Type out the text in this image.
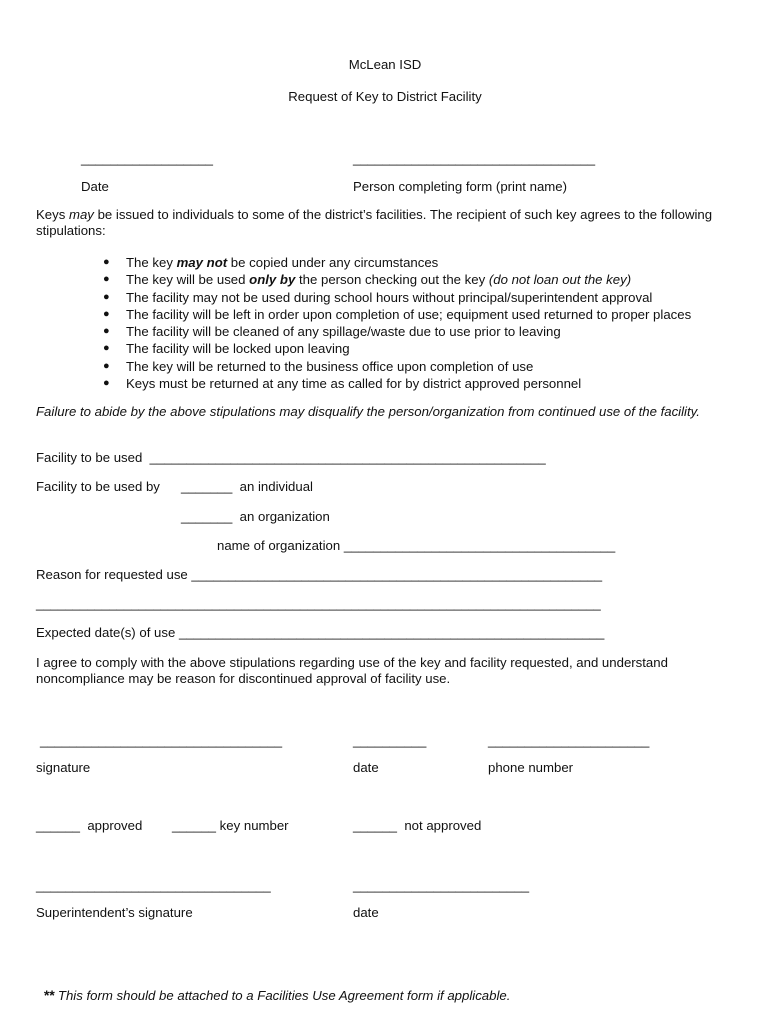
McLean ISD
Request of Key to District Facility
__________________	_________________________________
Date	Person completing form (print name)
Keys may be issued to individuals to some of the district’s facilities. The recipient of such key agrees to the following stipulations:
● The key may not be copied under any circumstances
● The key will be used only by the person checking out the key (do not loan out the key)
● The facility may not be used during school hours without principal/superintendent approval
● The facility will be left in order upon completion of use; equipment used returned to proper places
● The facility will be cleaned of any spillage/waste due to use prior to leaving
● The facility will be locked upon leaving
● The key will be returned to the business office upon completion of use
● Keys must be returned at any time as called for by district approved personnel
Failure to abide by the above stipulations may disqualify the person/organization from continued use of the facility.
Facility to be used  ______________________________________________________
Facility to be used by _______  an individual
_______  an organization
name of organization _____________________________________
Reason for requested use ________________________________________________________
_____________________________________________________________________________
Expected date(s) of use __________________________________________________________
I agree to comply with the above stipulations regarding use of the key and facility requested, and understand noncompliance may be reason for discontinued approval of facility use.
_________________________________	__________	______________________
signature	date	phone number
______  approved ______ key number	______  not approved
________________________________	________________________
Superintendent’s signature	date

** This form should be attached to a Facilities Use Agreement form if applicable.
